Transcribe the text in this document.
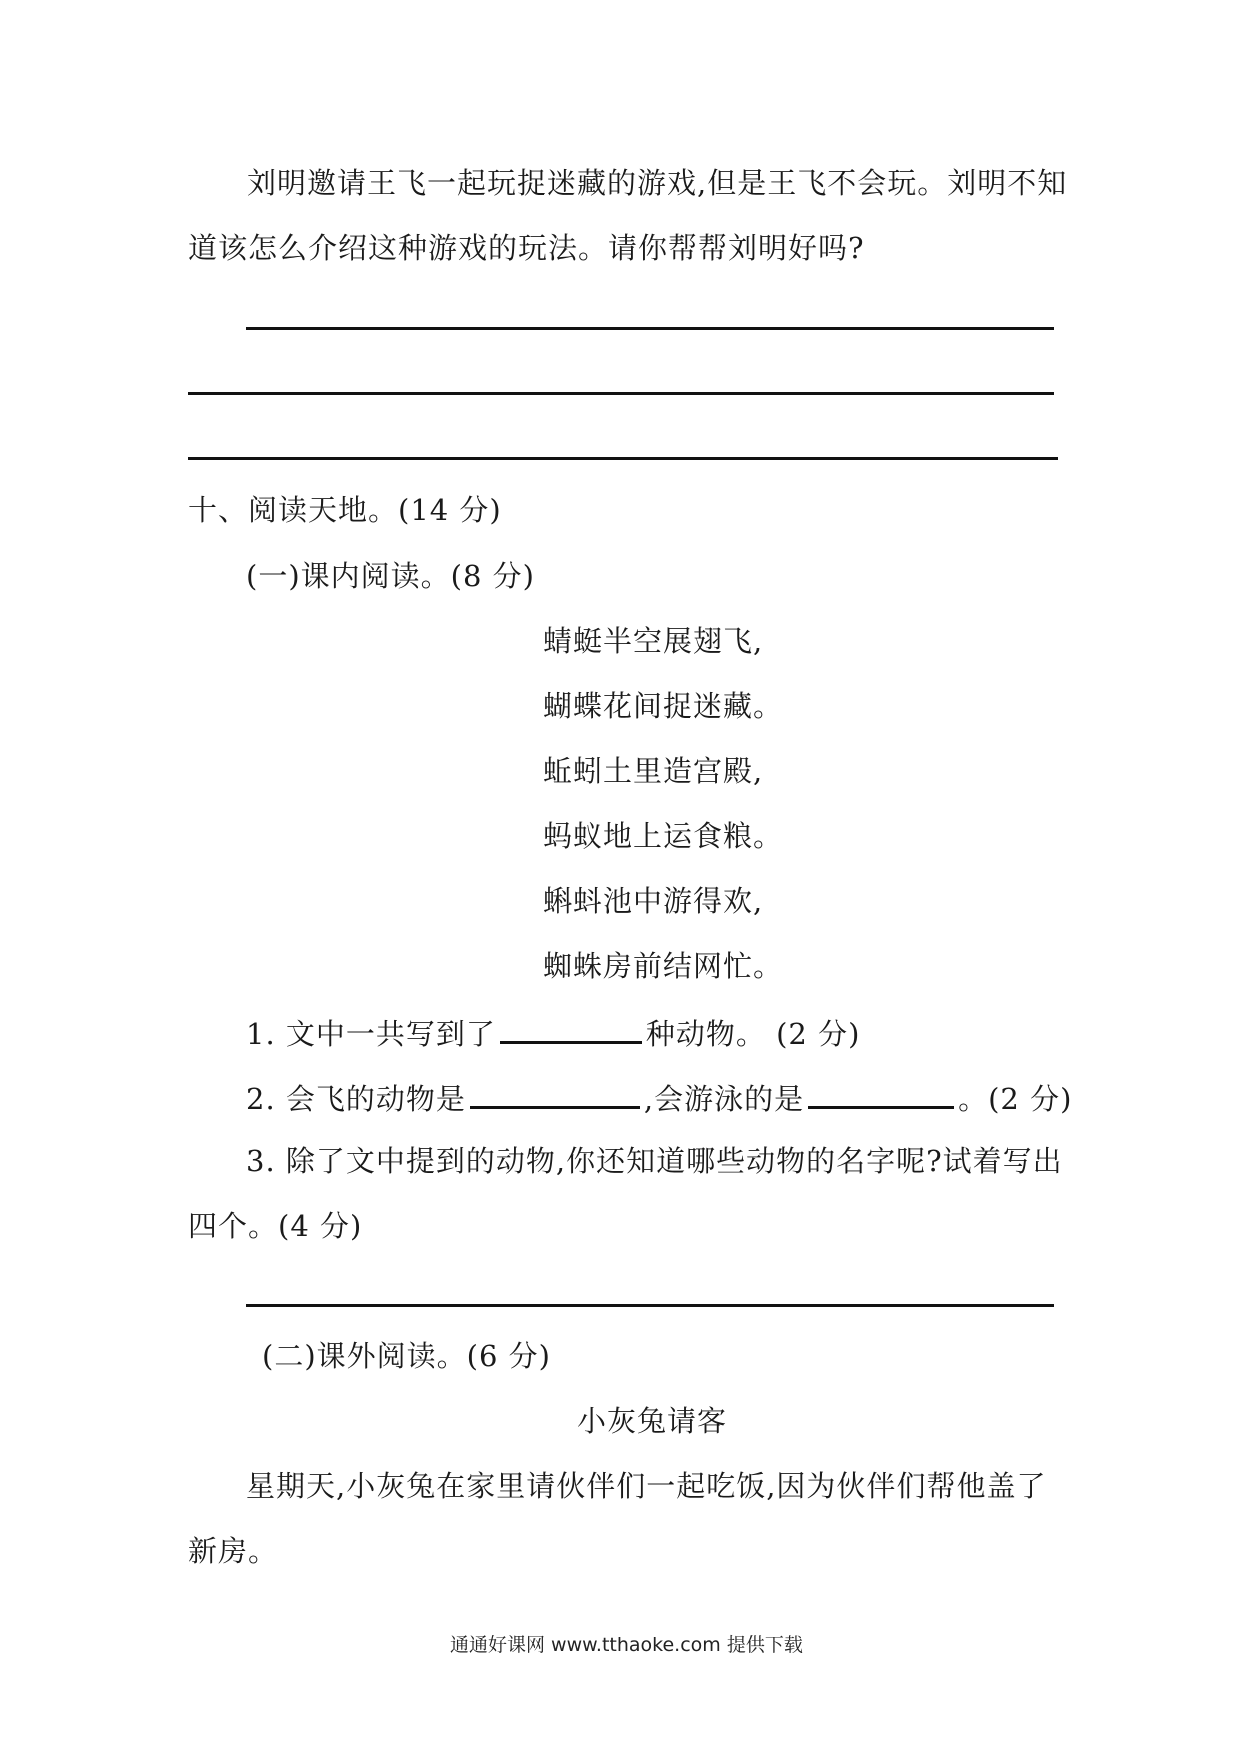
刘明邀请王飞一起玩捉迷藏的游戏,但是王飞不会玩。刘明不知
道该怎么介绍这种游戏的玩法。请你帮帮刘明好吗?
十、阅读天地。(14 分)
(一)课内阅读。(8 分)
蜻蜓半空展翅飞,
蝴蝶花间捉迷藏。
蚯蚓土里造宫殿,
蚂蚁地上运食粮。
蝌蚪池中游得欢,
蜘蛛房前结网忙。
1. 文中一共写到了	种动物。 (2 分)
2. 会飞的动物是	,会游泳的是	。(2 分)
3. 除了文中提到的动物,你还知道哪些动物的名字呢?试着写出
四个。(4 分)
(二)课外阅读。(6 分)
小灰兔请客
星期天,小灰兔在家里请伙伴们一起吃饭,因为伙伴们帮他盖了
新房。
通通好课网 www.tthaoke.com 提供下载
